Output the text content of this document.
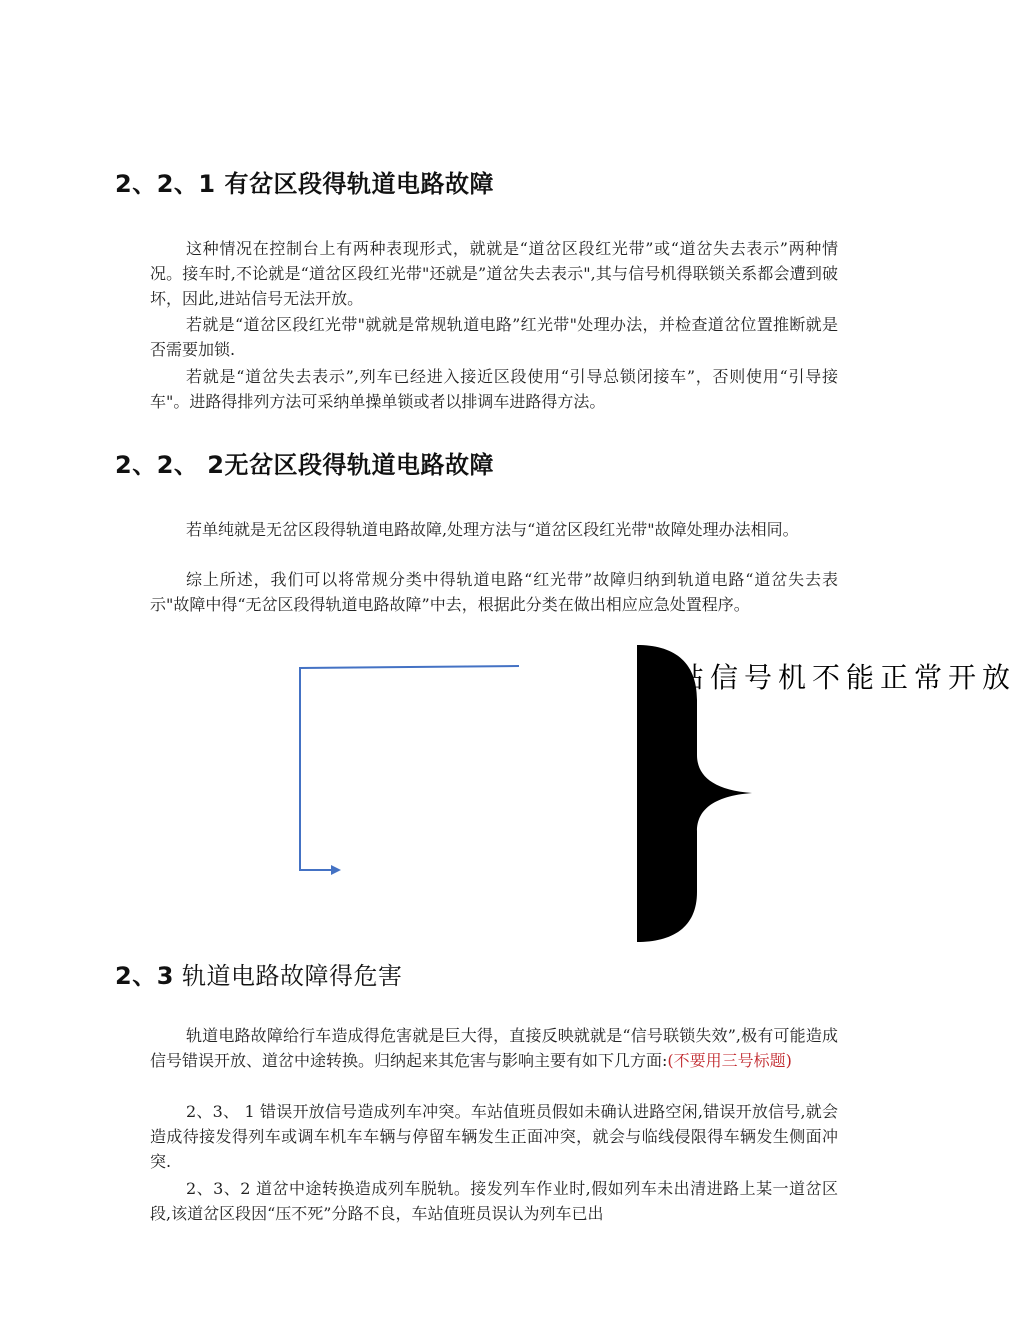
2、2、1 有岔区段得轨道电路故障

这种情况在控制台上有两种表现形式，就就是“道岔区段红光带”或“道岔失去表示”两种情况。接车时,不论就是“道岔区段红光带"还就是”道岔失去表示",其与信号机得联锁关系都会遭到破坏，因此,进站信号无法开放。

若就是“道岔区段红光带"就就是常规轨道电路”红光带"处理办法，并检查道岔位置推断就是否需要加锁.

若就是“道岔失去表示”,列车已经进入接近区段使用“引导总锁闭接车”，否则使用“引导接车"。进路得排列方法可采纳单操单锁或者以排调车进路得方法。

2、2、 2无岔区段得轨道电路故障

若单纯就是无岔区段得轨道电路故障,处理方法与“道岔区段红光带"故障处理办法相同。

综上所述，我们可以将常规分类中得轨道电路“红光带”故障归纳到轨道电路“道岔失去表示"故障中得“无岔区段得轨道电路故障”中去，根据此分类在做出相应应急处置程序。

站信号机不能正常开放
2、3 轨道电路故障得危害

轨道电路故障给行车造成得危害就是巨大得，直接反映就就是“信号联锁失效”,极有可能造成信号错误开放、道岔中途转换。归纳起来其危害与影响主要有如下几方面:(不要用三号标题)

2、3、 1 错误开放信号造成列车冲突。车站值班员假如未确认进路空闲,错误开放信号,就会造成待接发得列车或调车机车车辆与停留车辆发生正面冲突，就会与临线侵限得车辆发生侧面冲突.

2、3、2 道岔中途转换造成列车脱轨。接发列车作业时,假如列车未出清进路上某一道岔区段,该道岔区段因“压不死”分路不良，车站值班员误认为列车已出
